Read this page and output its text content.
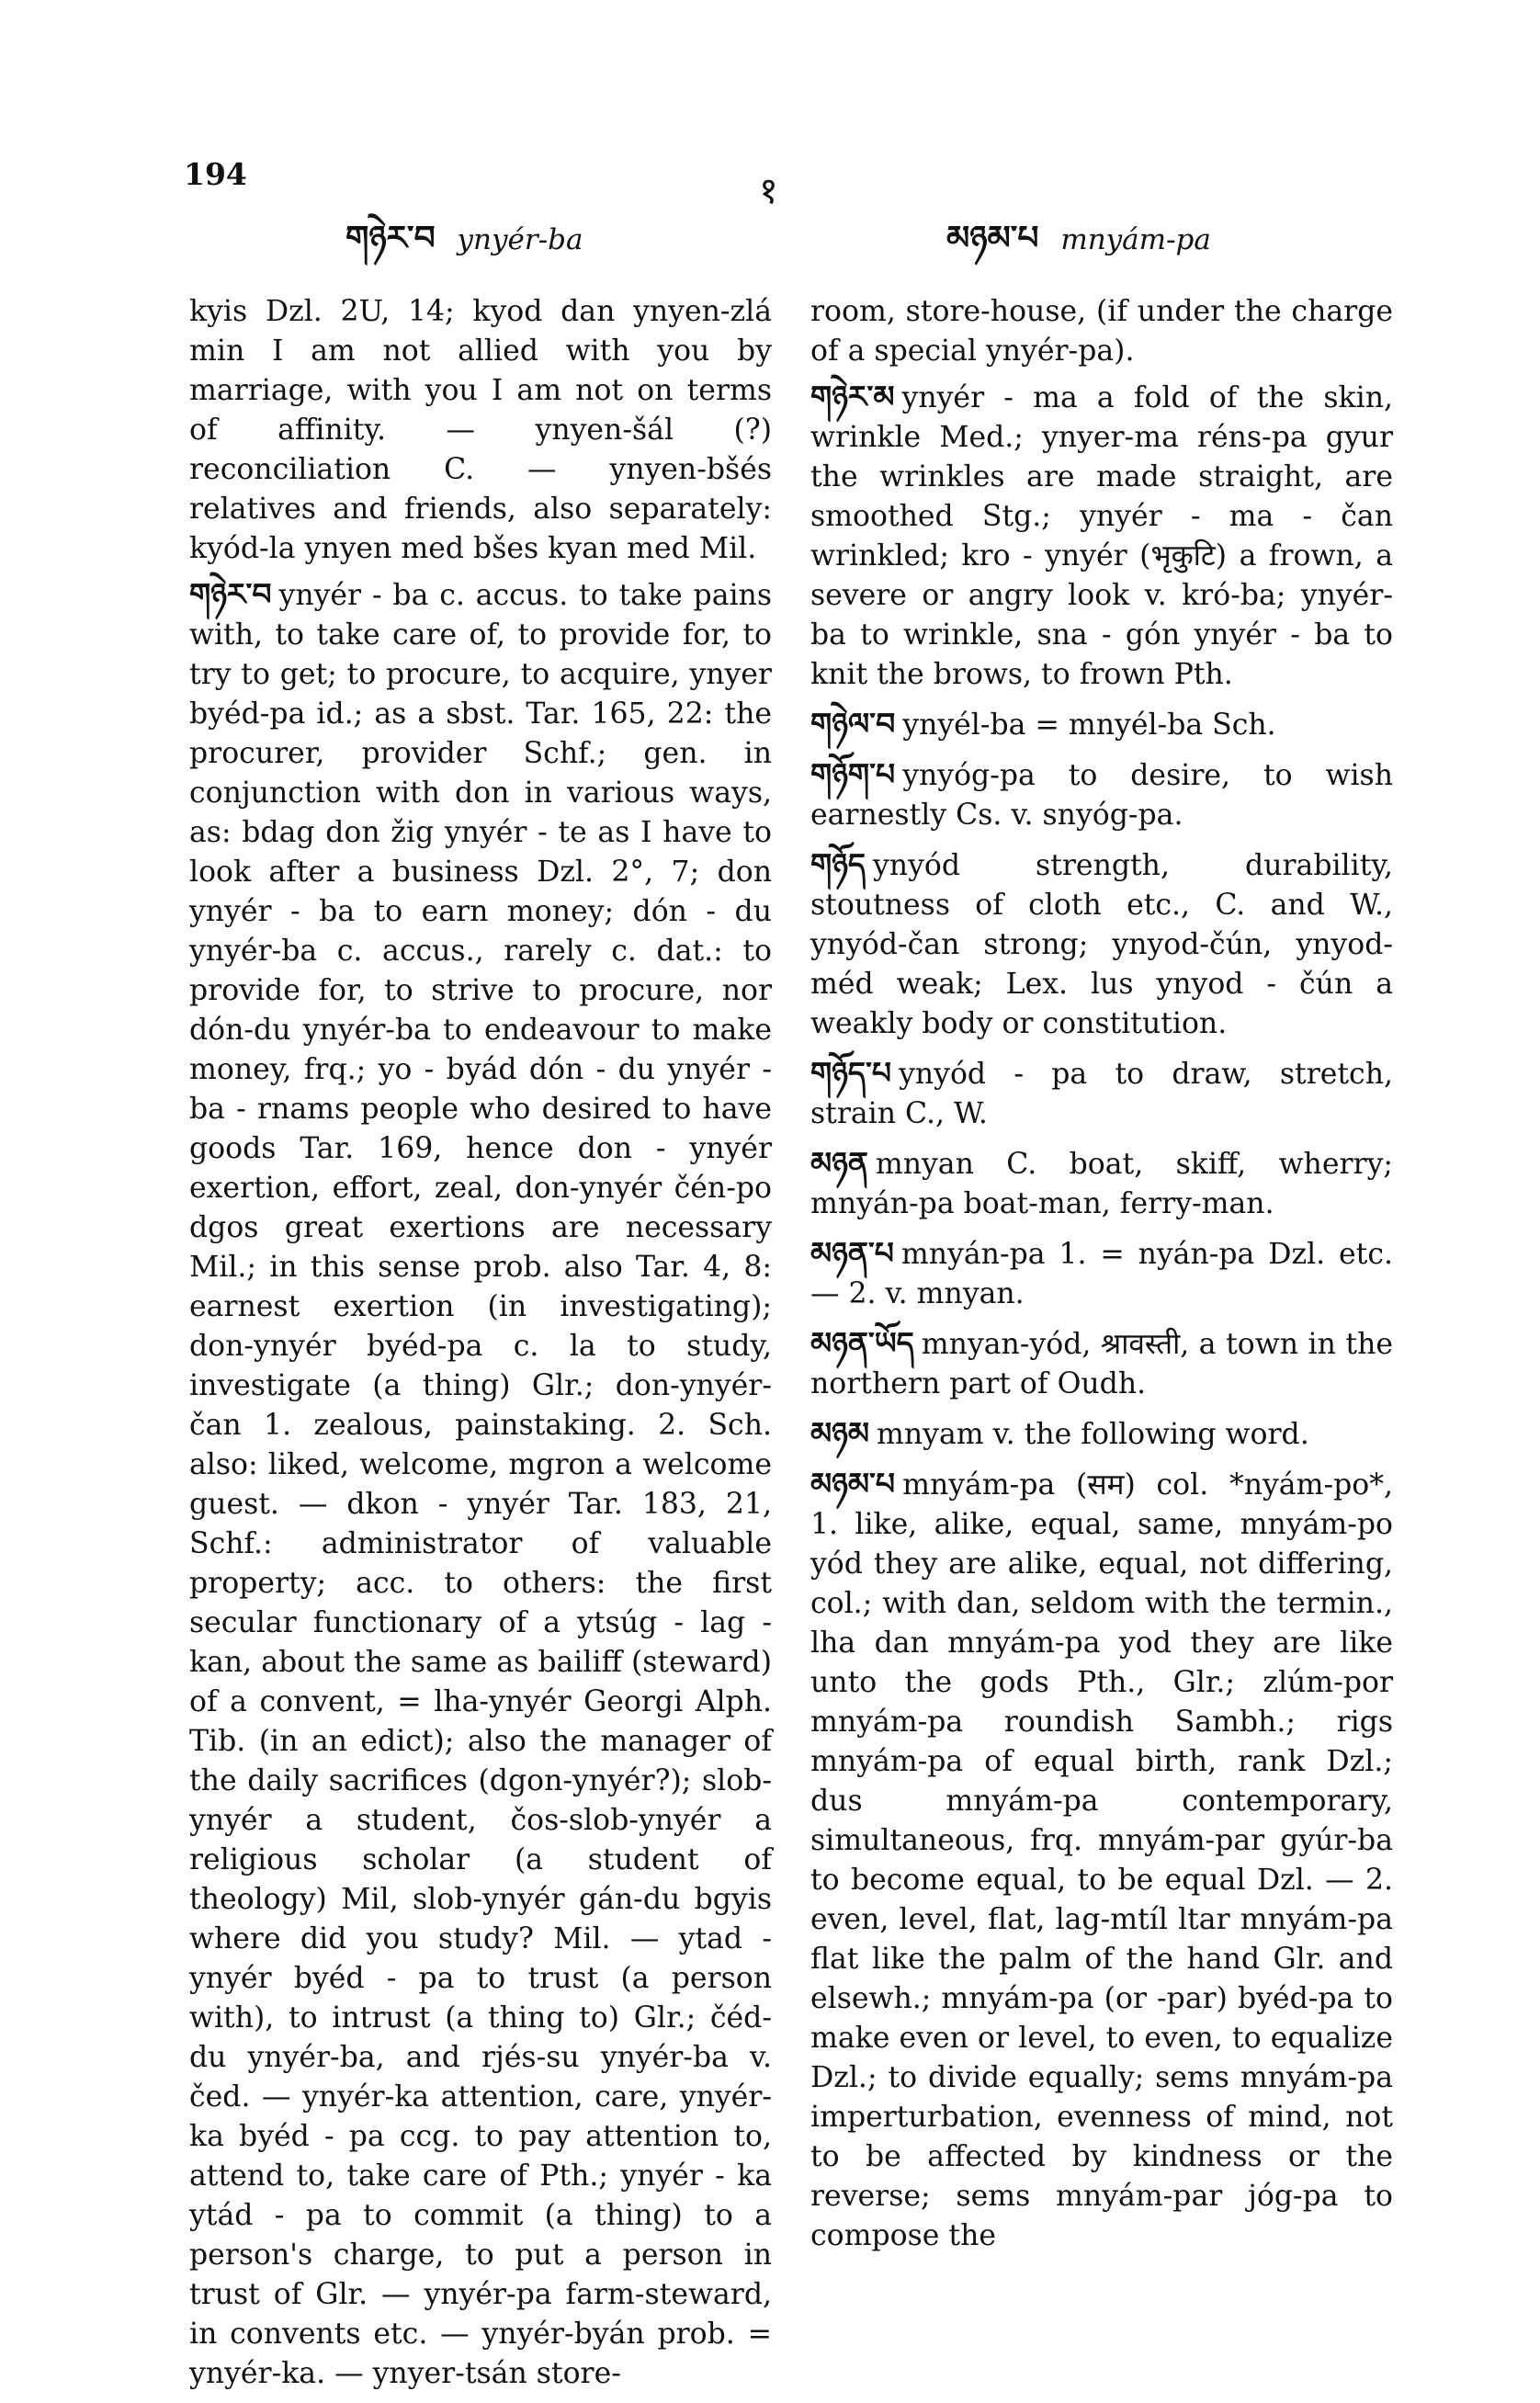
194
གཉེར་བ ynyér-ba
१
མཉམ་པ mnyám-pa

kyis Dzl. 2U, 14; kyod dan ynyen-zlá min I am not allied with you by marriage, with you I am not on terms of affinity. — ynyen-šál (?) reconciliation C. — ynyen-bšés relatives and friends, also separately: kyód-la ynyen med bšes kyan med Mil.

གཉེར་བ ynyér - ba c. accus. to take pains with, to take care of, to provide for, to try to get; to procure, to acquire, ynyer byéd-pa id.; as a sbst. Tar. 165, 22: the procurer, provider Schf.; gen. in conjunction with don in various ways, as: bdag don žig ynyér - te as I have to look after a business Dzl. 2°, 7; don ynyér - ba to earn money; dón - du ynyér-ba c. accus., rarely c. dat.: to provide for, to strive to procure, nor dón-du ynyér-ba to endeavour to make money, frq.; yo - byád dón - du ynyér - ba - rnams people who desired to have goods Tar. 169, hence don - ynyér exertion, effort, zeal, don-ynyér čén-po dgos great exertions are necessary Mil.; in this sense prob. also Tar. 4, 8: earnest exertion (in investigating); don-ynyér byéd-pa c. la to study, investigate (a thing) Glr.; don-ynyér-čan 1. zealous, painstaking. 2. Sch. also: liked, welcome, mgron a welcome guest. — dkon - ynyér Tar. 183, 21, Schf.: administrator of valuable property; acc. to others: the first secular functionary of a ytsúg - lag - kan, about the same as bailiff (steward) of a convent, = lha-ynyér Georgi Alph. Tib. (in an edict); also the manager of the daily sacrifices (dgon-ynyér?); slob-ynyér a student, čos-slob-ynyér a religious scholar (a student of theology) Mil, slob-ynyér gán-du bgyis where did you study? Mil. — ytad - ynyér byéd - pa to trust (a person with), to intrust (a thing to) Glr.; čéd-du ynyér-ba, and rjés-su ynyér-ba v. čed. — ynyér-ka attention, care, ynyér-ka byéd - pa ccg. to pay attention to, attend to, take care of Pth.; ynyér - ka ytád - pa to commit (a thing) to a person's charge, to put a person in trust of Glr. — ynyér-pa farm-steward, in convents etc. — ynyér-byán prob. = ynyér-ka. — ynyer-tsán store-

room, store-house, (if under the charge of a special ynyér-pa).

གཉེར་མ ynyér - ma a fold of the skin, wrinkle Med.; ynyer-ma réns-pa gyur the wrinkles are made straight, are smoothed Stg.; ynyér - ma - čan wrinkled; kro - ynyér (भृकुटि) a frown, a severe or angry look v. kró-ba; ynyér-ba to wrinkle, sna - gón ynyér - ba to knit the brows, to frown Pth.

གཉེལ་བ ynyél-ba = mnyél-ba Sch.

གཉོག་པ ynyóg-pa to desire, to wish earnestly Cs. v. snyóg-pa.

གཉོད ynyód strength, durability, stoutness of cloth etc., C. and W., ynyód-čan strong; ynyod-čún, ynyod-méd weak; Lex. lus ynyod - čún a weakly body or constitution.

གཉོད་པ ynyód - pa to draw, stretch, strain C., W.

མཉན mnyan C. boat, skiff, wherry; mnyán-pa boat-man, ferry-man.

མཉན་པ mnyán-pa 1. = nyán-pa Dzl. etc. — 2. v. mnyan.

མཉན་ཡོད mnyan-yód, श्रावस्ती, a town in the northern part of Oudh.

མཉམ mnyam v. the following word.

མཉམ་པ mnyám-pa (सम) col. *nyám-po*, 1. like, alike, equal, same, mnyám-po yód they are alike, equal, not differing, col.; with dan, seldom with the termin., lha dan mnyám-pa yod they are like unto the gods Pth., Glr.; zlúm-por mnyám-pa roundish Sambh.; rigs mnyám-pa of equal birth, rank Dzl.; dus mnyám-pa contemporary, simultaneous, frq. mnyám-par gyúr-ba to become equal, to be equal Dzl. — 2. even, level, flat, lag-mtíl ltar mnyám-pa flat like the palm of the hand Glr. and elsewh.; mnyám-pa (or -par) byéd-pa to make even or level, to even, to equalize Dzl.; to divide equally; sems mnyám-pa imperturbation, evenness of mind, not to be affected by kindness or the reverse; sems mnyám-par jóg-pa to compose the
